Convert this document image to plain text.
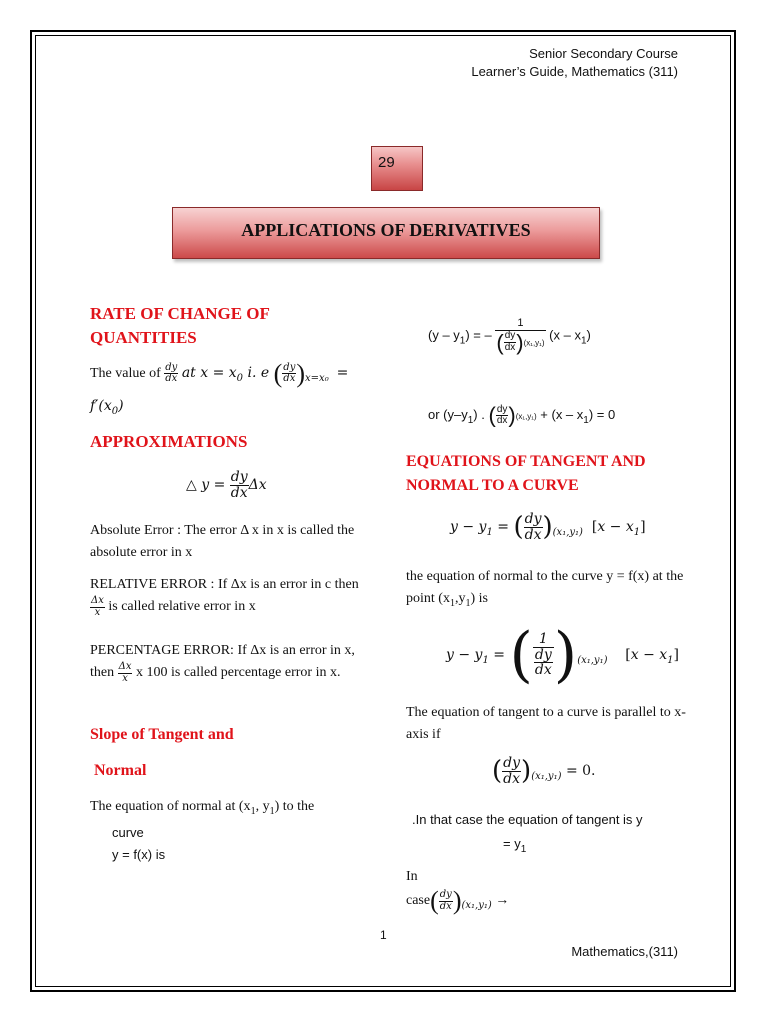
Senior Secondary Course
Learner’s Guide, Mathematics (311)
29
APPLICATIONS OF DERIVATIVES
RATE OF CHANGE OF QUANTITIES
The value of $\frac{dy}{dx}$ at $x = x_0$ i. e ( $\frac{dy}{dx} )_{x=x_0}$  =
$f'(x_0)$
APPROXIMATIONS
△ $y = \frac{dy}{dx}$ Δx
Absolute Error : The error Δ x in x is called the absolute error in x
RELATIVE ERROR : If Δx is an error in c then
$\frac{\Delta x}{x}$ is called relative error in x
PERCENTAGE ERROR: If Δx is an error in x, then $\frac{\Delta x}{x}$ x 100 is called percentage error in x.
Slope of Tangent and
Normal
The equation of normal at ($x_1$, $y_1$) to the
curve
y = f(x) is
$(y - y_1)$ = – $\frac{1}{( \frac{dy}{dx} )(x_1,y_1)} (x - x_1)$
or $(y-y_1)$ . ( $\frac{dy}{dx} )(x_1,y_1) + (x - x_1) = 0$
EQUATIONS OF TANGENT AND NORMAL TO A CURVE
$y - y_1$ = ( $\frac{dy}{dx} )_{(x_1,y_1)}$  $[x - x_1]$
the equation of normal to the curve y = f(x) at the point $(x_1,y_1)$ is
$y - y_1$ = ( $\frac{1}{\frac{dy}{dx}} )_{(x_1,y_1)}$    $[x - x_1]$
The equation of tangent to a curve is parallel to x-axis if
( $\frac{dy}{dx} )_{(x_1,y_1)} = 0$.
.In that case the equation of tangent is y
= $y_1$
In
case( $\frac{dy}{dx} )_{(x_1,y_1)}$ →
1
Mathematics,(311)
